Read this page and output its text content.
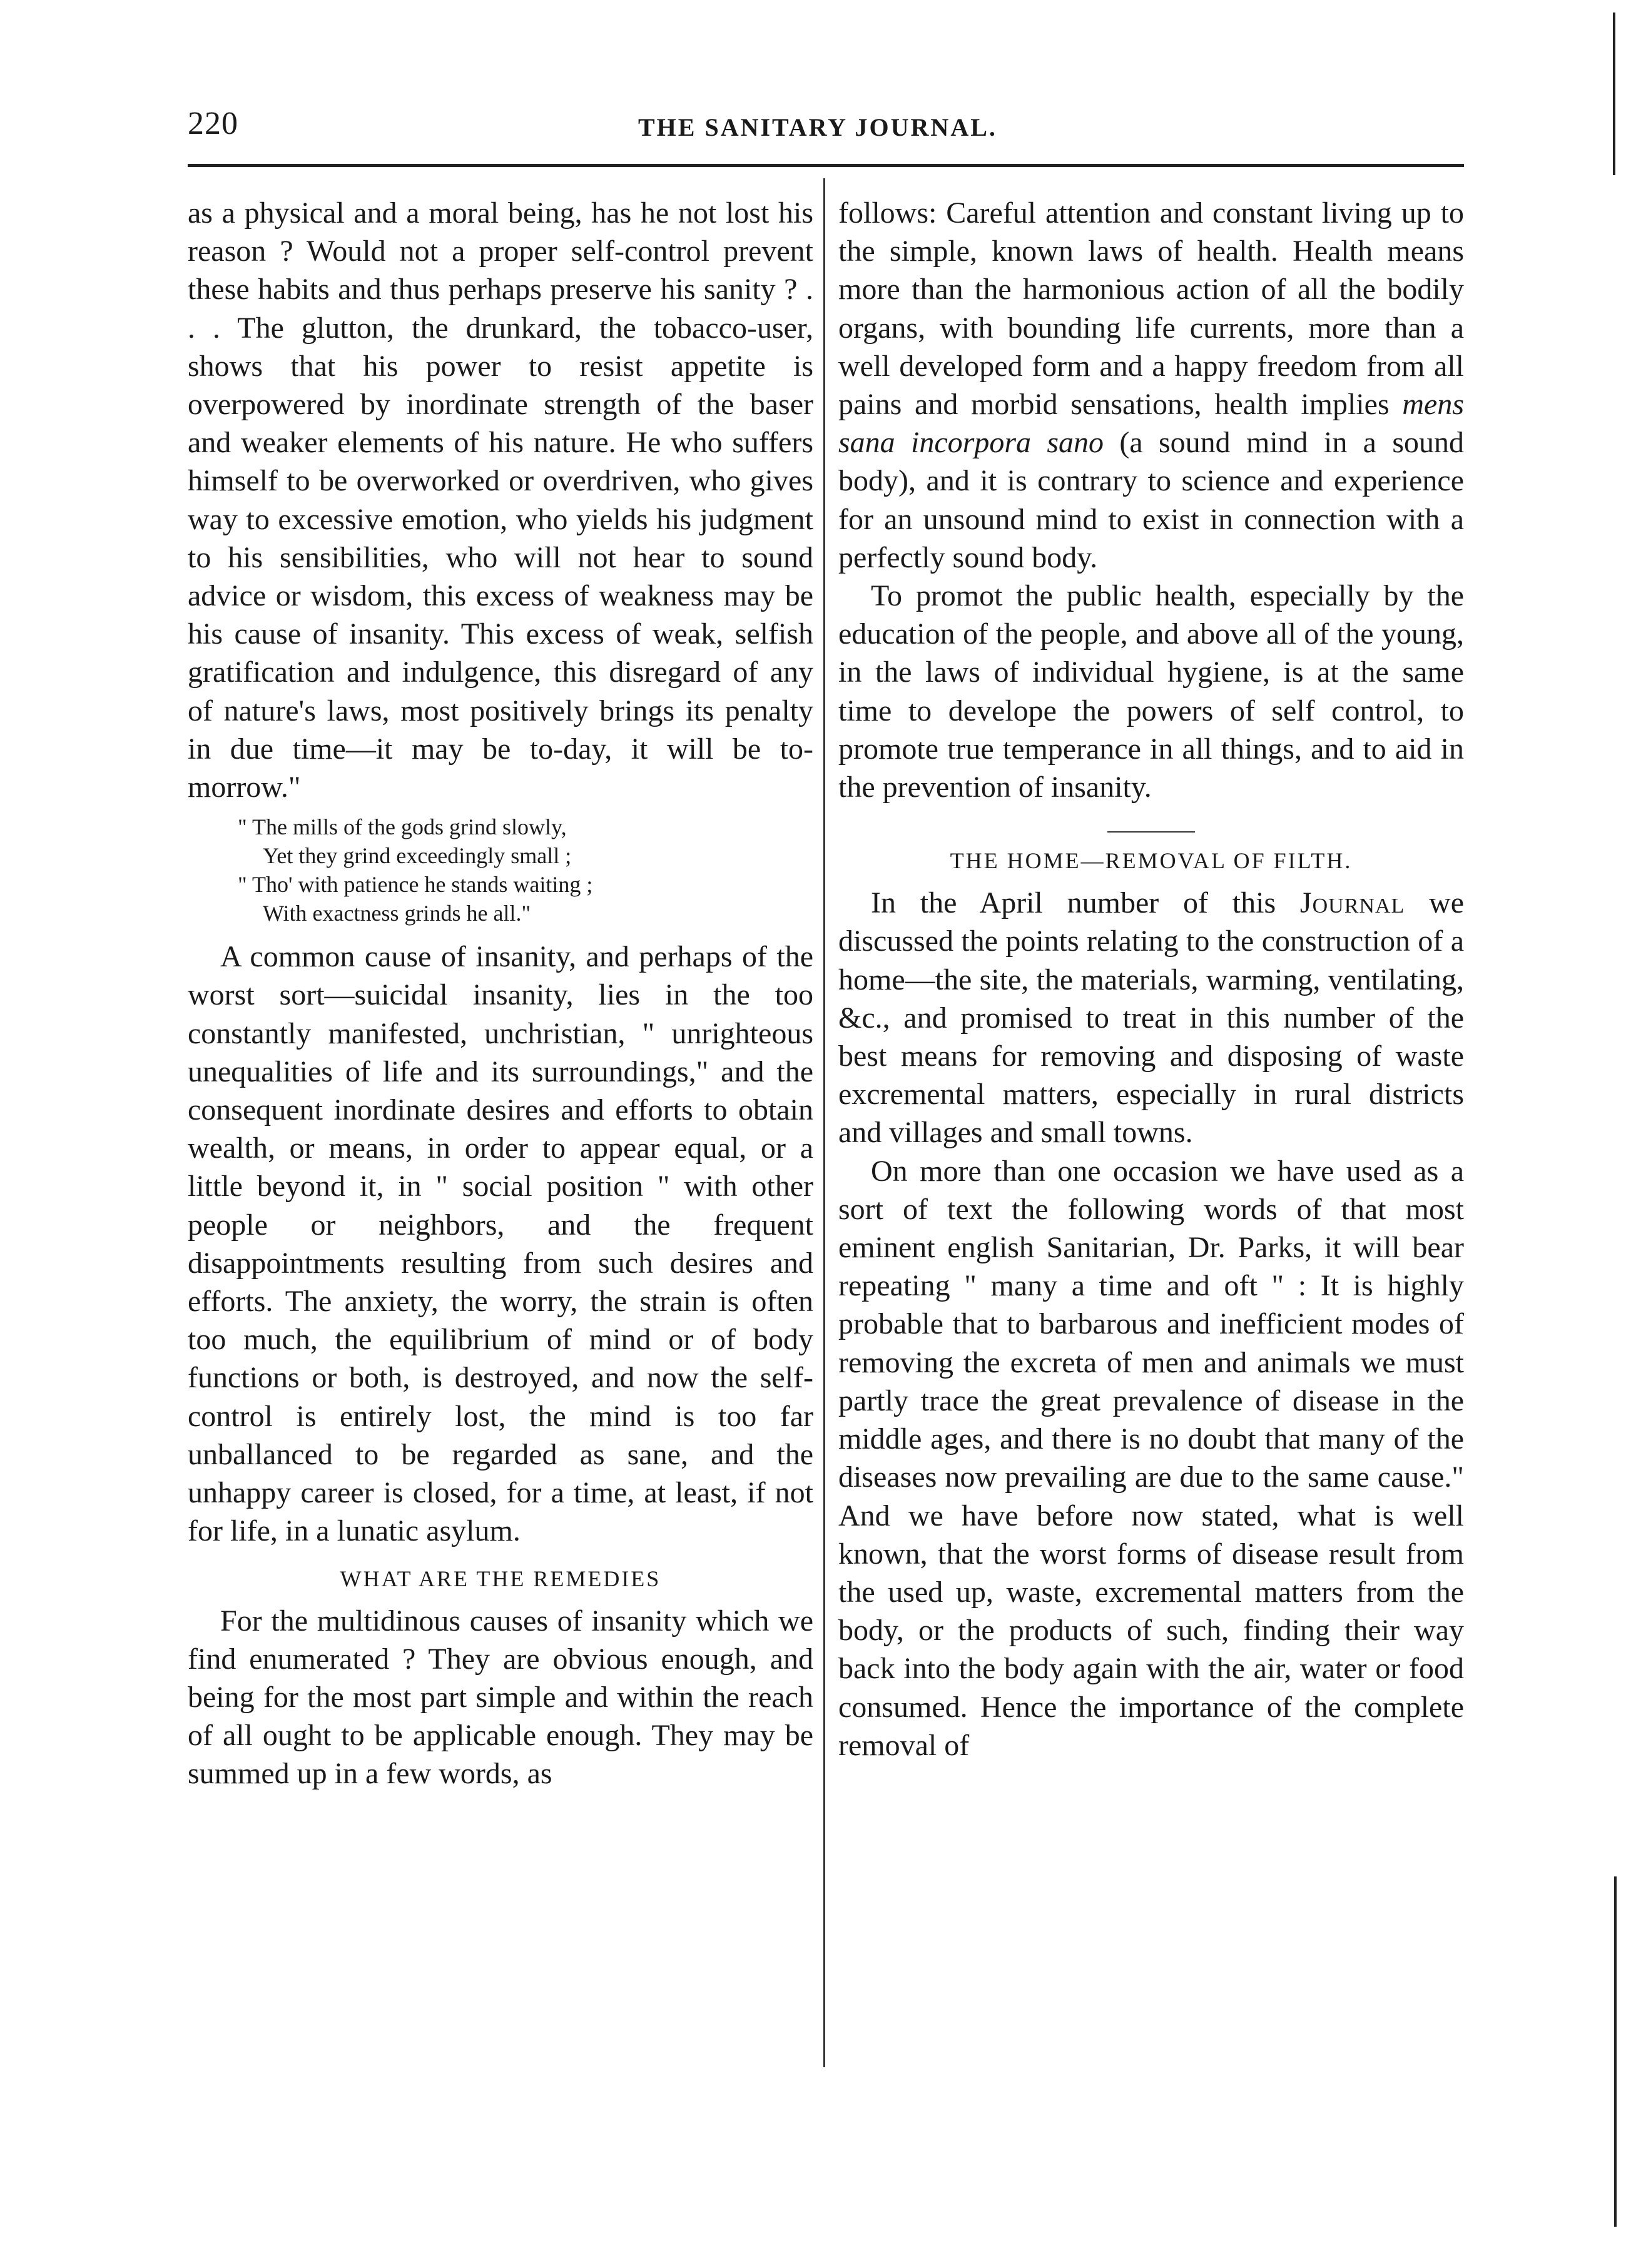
220	THE SANITARY JOURNAL.

as a physical and a moral being, has he not lost his reason ? Would not a proper self-control prevent these habits and thus perhaps preserve his sanity ? . . . The glutton, the drunkard, the tobacco-user, shows that his power to resist appetite is overpowered by inordinate strength of the baser and weaker elements of his nature. He who suffers himself to be overworked or overdriven, who gives way to excessive emotion, who yields his judgment to his sensibilities, who will not hear to sound advice or wisdom, this excess of weakness may be his cause of insanity. This excess of weak, selfish gratification and indulgence, this disregard of any of nature's laws, most positively brings its penalty in due time—it may be to-day, it will be to-morrow."

" The mills of the gods grind slowly,
Yet they grind exceedingly small ;
" Tho' with patience he stands waiting ;
With exactness grinds he all."

A common cause of insanity, and perhaps of the worst sort—suicidal insanity, lies in the too constantly manifested, unchristian, " unrighteous unequalities of life and its surroundings," and the consequent inordinate desires and efforts to obtain wealth, or means, in order to appear equal, or a little beyond it, in " social position " with other people or neighbors, and the frequent disappointments resulting from such desires and efforts. The anxiety, the worry, the strain is often too much, the equilibrium of mind or of body functions or both, is destroyed, and now the self-control is entirely lost, the mind is too far unballanced to be regarded as sane, and the unhappy career is closed, for a time, at least, if not for life, in a lunatic asylum.

WHAT ARE THE REMEDIES

For the multidinous causes of insanity which we find enumerated ? They are obvious enough, and being for the most part simple and within the reach of all ought to be applicable enough. They may be summed up in a few words, as

follows: Careful attention and constant living up to the simple, known laws of health. Health means more than the harmonious action of all the bodily organs, with bounding life currents, more than a well developed form and a happy freedom from all pains and morbid sensations, health implies mens sana incorpora sano (a sound mind in a sound body), and it is contrary to science and experience for an unsound mind to exist in connection with a perfectly sound body.

To promot the public health, especially by the education of the people, and above all of the young, in the laws of individual hygiene, is at the same time to develope the powers of self control, to promote true temperance in all things, and to aid in the prevention of insanity.

THE HOME—REMOVAL OF FILTH.

In the April number of this Journal we discussed the points relating to the construction of a home—the site, the materials, warming, ventilating, &c., and promised to treat in this number of the best means for removing and disposing of waste excremental matters, especially in rural districts and villages and small towns.

On more than one occasion we have used as a sort of text the following words of that most eminent english Sanitarian, Dr. Parks, it will bear repeating " many a time and oft " : It is highly probable that to barbarous and inefficient modes of removing the excreta of men and animals we must partly trace the great prevalence of disease in the middle ages, and there is no doubt that many of the diseases now prevailing are due to the same cause." And we have before now stated, what is well known, that the worst forms of disease result from the used up, waste, excremental matters from the body, or the products of such, finding their way back into the body again with the air, water or food consumed. Hence the importance of the complete removal of
